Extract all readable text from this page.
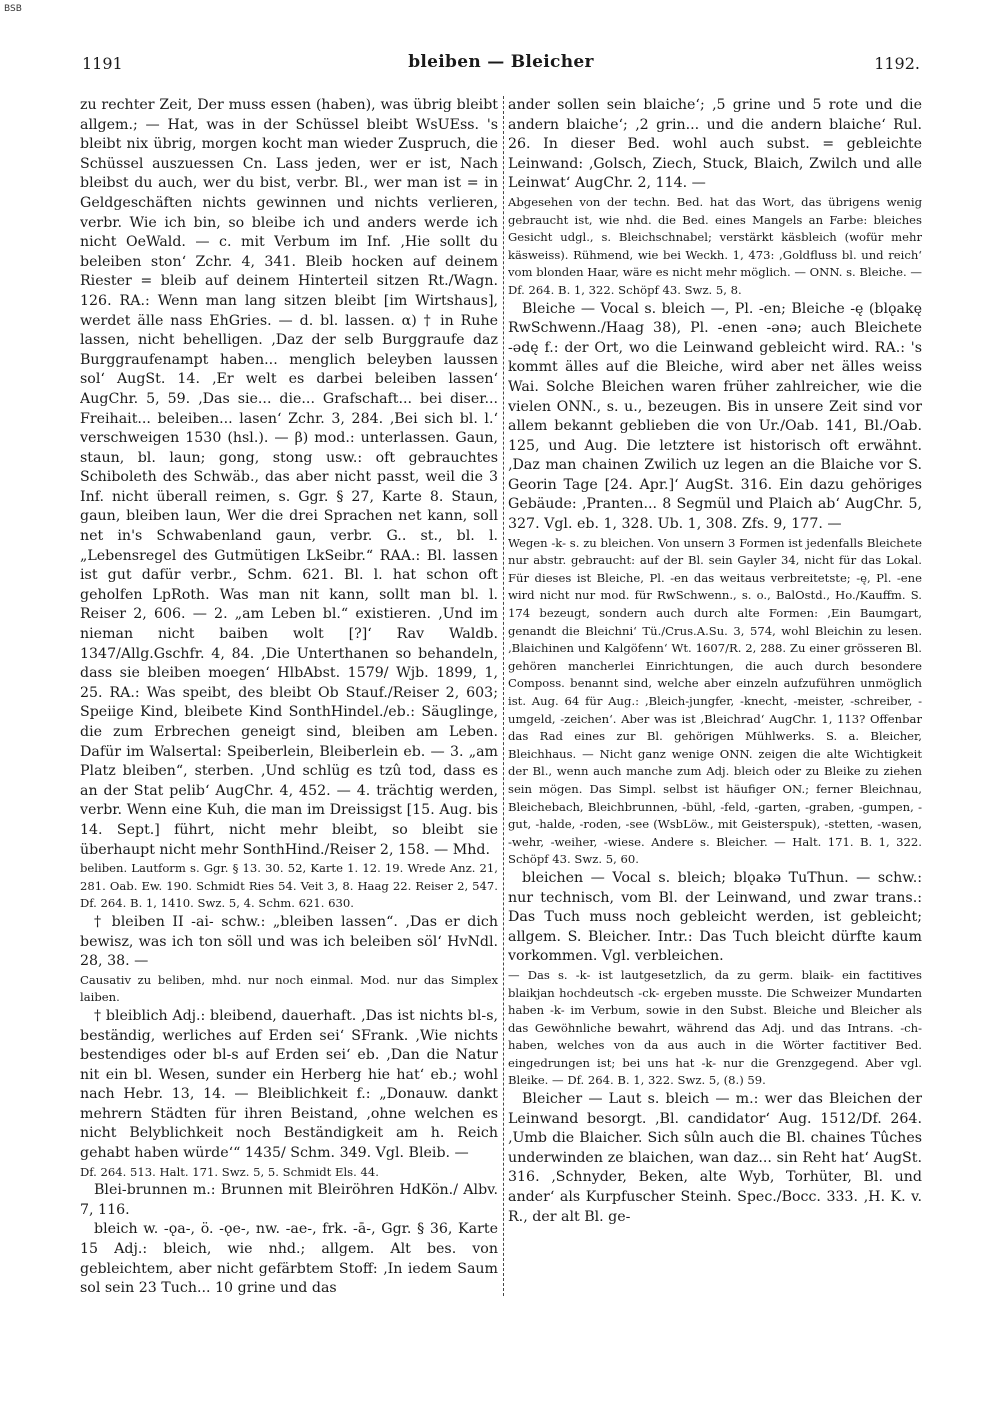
BSB
1191	bleiben — Bleicher	1192.

zu rechter Zeit, Der muss essen (haben), was übrig bleibt allgem.; — Hat, was in der Schüssel bleibt WsUEss. 's bleibt nix übrig, morgen kocht man wieder Zuspruch, die Schüssel auszuessen Cn. Lass jeden, wer er ist, Nach bleibst du auch, wer du bist, verbr. Bl., wer man ist = in Geldgeschäften nichts gewinnen und nichts verlieren, verbr. Wie ich bin, so bleibe ich und anders werde ich nicht OeWald. — c. mit Verbum im Inf. ‚Hie sollt du beleiben ston‘ Zchr. 4, 341. Bleib hocken auf deinem Riester = bleib auf deinem Hinterteil sitzen Rt./Wagn. 126. RA.: Wenn man lang sitzen bleibt [im Wirtshaus], werdet älle nass EhGries. — d. bl. lassen. α) † in Ruhe lassen, nicht behelligen. ‚Daz der selb Burggraufe daz Burggraufenampt haben... menglich beleyben laussen sol‘ AugSt. 14. ‚Er welt es darbei beleiben lassen‘ AugChr. 5, 59. ‚Das sie... die... Grafschaft... bei diser... Freihait... beleiben... lasen‘ Zchr. 3, 284. ‚Bei sich bl. l.‘ verschweigen 1530 (hsl.). — β) mod.: unterlassen. Gaun, staun, bl. laun; gong, stong usw.: oft gebrauchtes Schiboleth des Schwäb., das aber nicht passt, weil die 3 Inf. nicht überall reimen, s. Ggr. § 27, Karte 8. Staun, gaun, bleiben laun, Wer die drei Sprachen net kann, soll net in's Schwabenland gaun, verbr. G.. st., bl. l. „Lebensregel des Gutmütigen LkSeibr.“ RAA.: Bl. lassen ist gut dafür verbr., Schm. 621. Bl. l. hat schon oft geholfen LpRoth. Was man nit kann, sollt man bl. l. Reiser 2, 606. — 2. „am Leben bl.“ existieren. ‚Und im nieman nicht baiben wolt [?]‘ Rav Waldb. 1347/Allg.Gschfr. 4, 84. ‚Die Unterthanen so behandeln, dass sie bleiben moegen‘ HlbAbst. 1579/ Wjb. 1899, 1, 25. RA.: Was speibt, des bleibt Ob Stauf./Reiser 2, 603; Speiige Kind, bleibete Kind SonthHindel./eb.: Säuglinge, die zum Erbrechen geneigt sind, bleiben am Leben. Dafür im Walsertal: Speiberlein, Bleiberlein eb. — 3. „am Platz bleiben“, sterben. ‚Und schlüg es tzû tod, dass es an der Stat pelib‘ AugChr. 4, 452. — 4. trächtig werden, verbr. Wenn eine Kuh, die man im Dreissigst [15. Aug. bis 14. Sept.] führt, nicht mehr bleibt, so bleibt sie überhaupt nicht mehr SonthHind./Reiser 2, 158. — Mhd.

beliben. Lautform s. Ggr. § 13. 30. 52, Karte 1. 12. 19. Wrede Anz. 21, 281. Oab. Ew. 190. Schmidt Ries 54. Veit 3, 8. Haag 22. Reiser 2, 547. Df. 264. B. 1, 1410. Swz. 5, 4. Schm. 621. 630.

† bleiben II -ai- schw.: „bleiben lassen“. ‚Das er dich bewisz, was ich ton söll und was ich beleiben söl‘ HvNdl. 28, 38. —

Causativ zu beliben, mhd. nur noch einmal. Mod. nur das Simplex laiben.

† bleiblich Adj.: bleibend, dauerhaft. ‚Das ist nichts bl-s, beständig, werliches auf Erden sei‘ SFrank. ‚Wie nichts bestendiges oder bl-s auf Erden sei‘ eb. ‚Dan die Natur nit ein bl. Wesen, sunder ein Herberg hie hat‘ eb.; wohl nach Hebr. 13, 14. — Bleiblichkeit f.: „Donauw. dankt mehrern Städten für ihren Beistand, ‚ohne welchen es nicht Belyblichkeit noch Beständigkeit am h. Reich gehabt haben würde‘“ 1435/ Schm. 349. Vgl. Bleib. —

Df. 264. 513. Halt. 171. Swz. 5, 5. Schmidt Els. 44.

Blei-brunnen m.: Brunnen mit Bleiröhren HdKön./ Albv. 7, 116.

bleich w. -ǫa-, ö. -ǫe-, nw. -ae-, frk. -ā-, Ggr. § 36, Karte 15 Adj.: bleich, wie nhd.; allgem. Alt bes. von gebleichtem, aber nicht gefärbtem Stoff: ‚In iedem Saum sol sein 23 Tuch... 10 grine und das

ander sollen sein blaiche‘; ‚5 grine und 5 rote und die andern blaiche‘; ‚2 grin... und die andern blaiche‘ Rul. 26. In dieser Bed. wohl auch subst. = gebleichte Leinwand: ‚Golsch, Ziech, Stuck, Blaich, Zwilch und alle Leinwat‘ AugChr. 2, 114. —

Abgesehen von der techn. Bed. hat das Wort, das übrigens wenig gebraucht ist, wie nhd. die Bed. eines Mangels an Farbe: bleiches Gesicht udgl., s. Bleichschnabel; verstärkt käsbleich (wofür mehr käsweiss). Rühmend, wie bei Weckh. 1, 473: ‚Goldfluss bl. und reich‘ vom blonden Haar, wäre es nicht mehr möglich. — ONN. s. Bleiche. — Df. 264. B. 1, 322. Schöpf 43. Swz. 5, 8.

Bleiche — Vocal s. bleich —, Pl. -en; Bleiche -ę (blǫakę RwSchwenn./Haag 38), Pl. -enen -ənə; auch Bleichete -ədę f.: der Ort, wo die Leinwand gebleicht wird. RA.: 's kommt älles auf die Bleiche, wird aber net älles weiss Wai. Solche Bleichen waren früher zahlreicher, wie die vielen ONN., s. u., bezeugen. Bis in unsere Zeit sind vor allem bekannt geblieben die von Ur./Oab. 141, Bl./Oab. 125, und Aug. Die letztere ist historisch oft erwähnt. ‚Daz man chainen Zwilich uz legen an die Blaiche vor S. Georin Tage [24. Apr.]‘ AugSt. 316. Ein dazu gehöriges Gebäude: ‚Pranten... 8 Segmül und Plaich ab‘ AugChr. 5, 327. Vgl. eb. 1, 328. Ub. 1, 308. Zfs. 9, 177. —

Wegen -k- s. zu bleichen. Von unsern 3 Formen ist jedenfalls Bleichete nur abstr. gebraucht: auf der Bl. sein Gayler 34, nicht für das Lokal. Für dieses ist Bleiche, Pl. -en das weitaus verbreitetste; -ę, Pl. -ene wird nicht nur mod. für RwSchwenn., s. o., BalOstd., Ho./Kauffm. S. 174 bezeugt, sondern auch durch alte Formen: ‚Ein Baumgart, genandt die Bleichni‘ Tü./Crus.A.Su. 3, 574, wohl Bleichin zu lesen. ‚Blaichinen und Kalgöfenn‘ Wt. 1607/R. 2, 288. Zu einer grösseren Bl. gehören mancherlei Einrichtungen, die auch durch besondere Composs. benannt sind, welche aber einzeln aufzuführen unmöglich ist. Aug. 64 für Aug.: ‚Bleich-jungfer, -knecht, -meister, -schreiber, -umgeld, -zeichen‘. Aber was ist ‚Bleichrad‘ AugChr. 1, 113? Offenbar das Rad eines zur Bl. gehörigen Mühlwerks. S. a. Bleicher, Bleichhaus. — Nicht ganz wenige ONN. zeigen die alte Wichtigkeit der Bl., wenn auch manche zum Adj. bleich oder zu Bleike zu ziehen sein mögen. Das Simpl. selbst ist häufiger ON.; ferner Bleichnau, Bleichebach, Bleichbrunnen, -bühl, -feld, -garten, -graben, -gumpen, -gut, -halde, -roden, -see (WsbLöw., mit Geisterspuk), -stetten, -wasen, -wehr, -weiher, -wiese. Andere s. Bleicher. — Halt. 171. B. 1, 322. Schöpf 43. Swz. 5, 60.

bleichen — Vocal s. bleich; blǫakə TuThun. — schw.: nur technisch, vom Bl. der Leinwand, und zwar trans.: Das Tuch muss noch gebleicht werden, ist gebleicht; allgem. S. Bleicher. Intr.: Das Tuch bleicht dürfte kaum vorkommen. Vgl. verbleichen.

— Das s. -k- ist lautgesetzlich, da zu germ. blaik- ein factitives blaikjan hochdeutsch -ck- ergeben musste. Die Schweizer Mundarten haben -k- im Verbum, sowie in den Subst. Bleiche und Bleicher als das Gewöhnliche bewahrt, während das Adj. und das Intrans. -ch- haben, welches von da aus auch in die Wörter factitiver Bed. eingedrungen ist; bei uns hat -k- nur die Grenzgegend. Aber vgl. Bleike. — Df. 264. B. 1, 322. Swz. 5, (8.) 59.

Bleicher — Laut s. bleich — m.: wer das Bleichen der Leinwand besorgt. ‚Bl. candidator‘ Aug. 1512/Df. 264. ‚Umb die Blaicher. Sich sûln auch die Bl. chaines Tûches underwinden ze blaichen, wan daz... sin Reht hat‘ AugSt. 316. ‚Schnyder, Beken, alte Wyb, Torhüter, Bl. und ander‘ als Kurpfuscher Steinh. Spec./Bocc. 333. ‚H. K. v. R., der alt Bl. ge-
